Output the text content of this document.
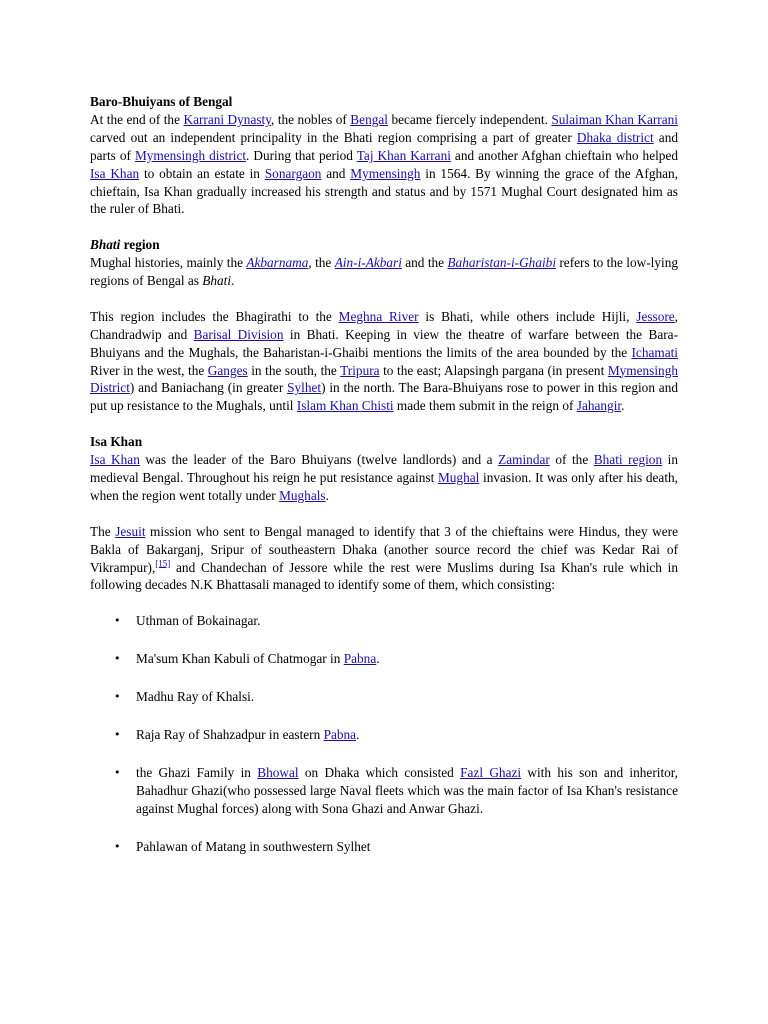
Baro-Bhuiyans of Bengal
At the end of the Karrani Dynasty, the nobles of Bengal became fiercely independent. Sulaiman Khan Karrani carved out an independent principality in the Bhati region comprising a part of greater Dhaka district and parts of Mymensingh district. During that period Taj Khan Karrani and another Afghan chieftain who helped Isa Khan to obtain an estate in Sonargaon and Mymensingh in 1564. By winning the grace of the Afghan, chieftain, Isa Khan gradually increased his strength and status and by 1571 Mughal Court designated him as the ruler of Bhati.
Bhati region
Mughal histories, mainly the Akbarnama, the Ain-i-Akbari and the Baharistan-i-Ghaibi refers to the low-lying regions of Bengal as Bhati.
This region includes the Bhagirathi to the Meghna River is Bhati, while others include Hijli, Jessore, Chandradwip and Barisal Division in Bhati. Keeping in view the theatre of warfare between the Bara-Bhuiyans and the Mughals, the Baharistan-i-Ghaibi mentions the limits of the area bounded by the Ichamati River in the west, the Ganges in the south, the Tripura to the east; Alapsingh pargana (in present Mymensingh District) and Baniachang (in greater Sylhet) in the north. The Bara-Bhuiyans rose to power in this region and put up resistance to the Mughals, until Islam Khan Chisti made them submit in the reign of Jahangir.
Isa Khan
Isa Khan was the leader of the Baro Bhuiyans (twelve landlords) and a Zamindar of the Bhati region in medieval Bengal. Throughout his reign he put resistance against Mughal invasion. It was only after his death, when the region went totally under Mughals.
The Jesuit mission who sent to Bengal managed to identify that 3 of the chieftains were Hindus, they were Bakla of Bakarganj, Sripur of southeastern Dhaka (another source record the chief was Kedar Rai of Vikrampur),[15] and Chandechan of Jessore while the rest were Muslims during Isa Khan's rule which in following decades N.K Bhattasali managed to identify some of them, which consisting:
• Uthman of Bokainagar.
• Ma'sum Khan Kabuli of Chatmogar in Pabna.
• Madhu Ray of Khalsi.
• Raja Ray of Shahzadpur in eastern Pabna.
• the Ghazi Family in Bhowal on Dhaka which consisted Fazl Ghazi with his son and inheritor, Bahadhur Ghazi(who possessed large Naval fleets which was the main factor of Isa Khan's resistance against Mughal forces) along with Sona Ghazi and Anwar Ghazi.
• Pahlawan of Matang in southwestern Sylhet
